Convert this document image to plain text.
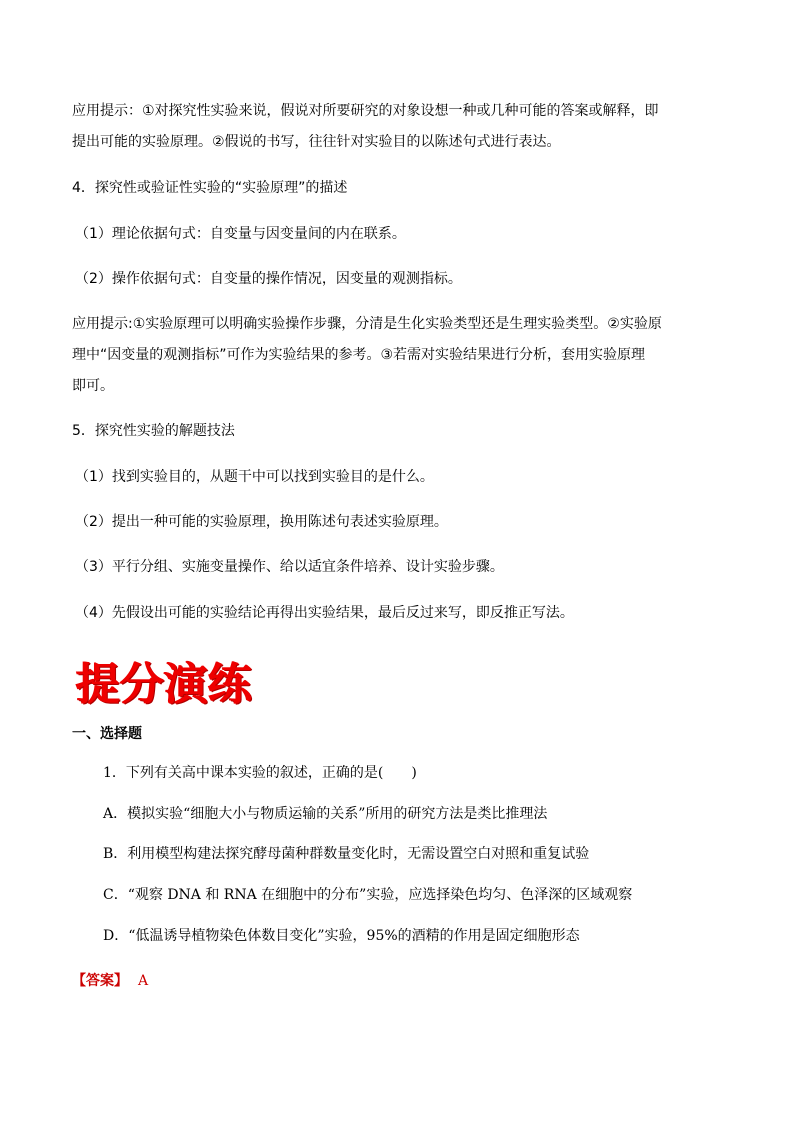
应用提示：①对探究性实验来说，假说对所要研究的对象设想一种或几种可能的答案或解释，即
提出可能的实验原理。②假说的书写，往往针对实验目的以陈述句式进行表达。
4．探究性或验证性实验的“实验原理”的描述
（1）理论依据句式：自变量与因变量间的内在联系。
（2）操作依据句式：自变量的操作情况，因变量的观测指标。
应用提示:①实验原理可以明确实验操作步骤，分清是生化实验类型还是生理实验类型。②实验原
理中“因变量的观测指标”可作为实验结果的参考。③若需对实验结果进行分析，套用实验原理
即可。
5．探究性实验的解题技法
（1）找到实验目的，从题干中可以找到实验目的是什么。
（2）提出一种可能的实验原理，换用陈述句表述实验原理。
（3）平行分组、实施变量操作、给以适宜条件培养、设计实验步骤。
（4）先假设出可能的实验结论再得出实验结果，最后反过来写，即反推正写法。
提分演练
一、选择题
1．下列有关高中课本实验的叙述，正确的是(　　)
A．模拟实验“细胞大小与物质运输的关系”所用的研究方法是类比推理法
B．利用模型构建法探究酵母菌种群数量变化时，无需设置空白对照和重复试验
C．“观察 DNA 和 RNA 在细胞中的分布”实验，应选择染色均匀、色泽深的区域观察
D．“低温诱导植物染色体数目变化”实验，95%的酒精的作用是固定细胞形态
【答案】 A
